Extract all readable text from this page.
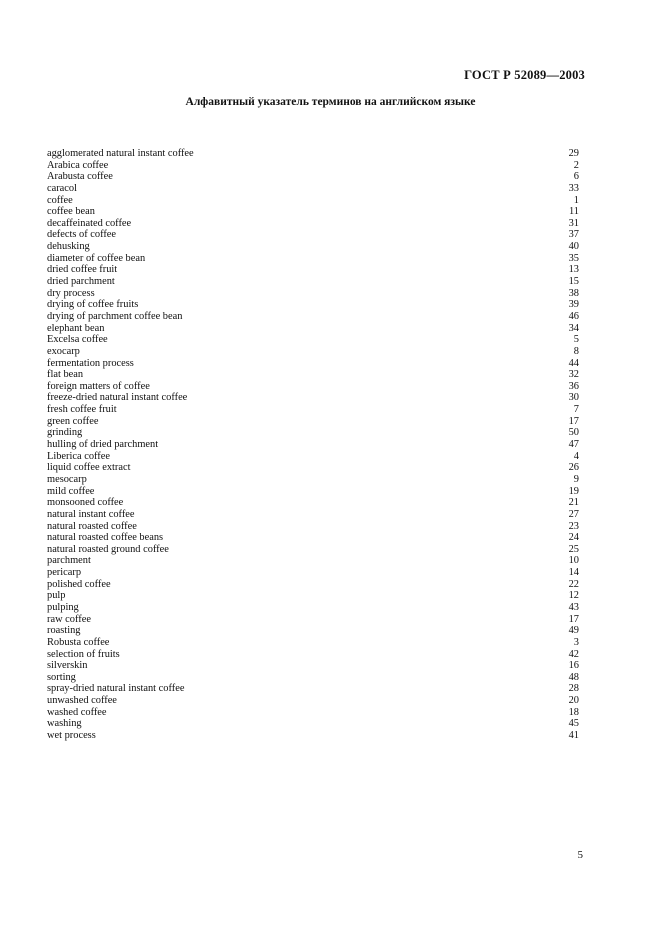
ГОСТ Р 52089—2003
Алфавитный указатель терминов на английском языке
agglomerated natural instant coffee	29
Arabica coffee	2
Arabusta coffee	6
caracol	33
coffee	1
coffee bean	11
decaffeinated coffee	31
defects of coffee	37
dehusking	40
diameter of coffee bean	35
dried coffee fruit	13
dried parchment	15
dry process	38
drying of coffee fruits	39
drying of parchment coffee bean	46
elephant bean	34
Excelsa coffee	5
exocarp	8
fermentation process	44
flat bean	32
foreign matters of coffee	36
freeze-dried natural instant coffee	30
fresh coffee fruit	7
green coffee	17
grinding	50
hulling of dried parchment	47
Liberica coffee	4
liquid coffee extract	26
mesocarp	9
mild coffee	19
monsooned coffee	21
natural instant coffee	27
natural roasted coffee	23
natural roasted coffee beans	24
natural roasted ground coffee	25
parchment	10
pericarp	14
polished coffee	22
pulp	12
pulping	43
raw coffee	17
roasting	49
Robusta coffee	3
selection of fruits	42
silverskin	16
sorting	48
spray-dried natural instant coffee	28
unwashed coffee	20
washed coffee	18
washing	45
wet process	41
5
